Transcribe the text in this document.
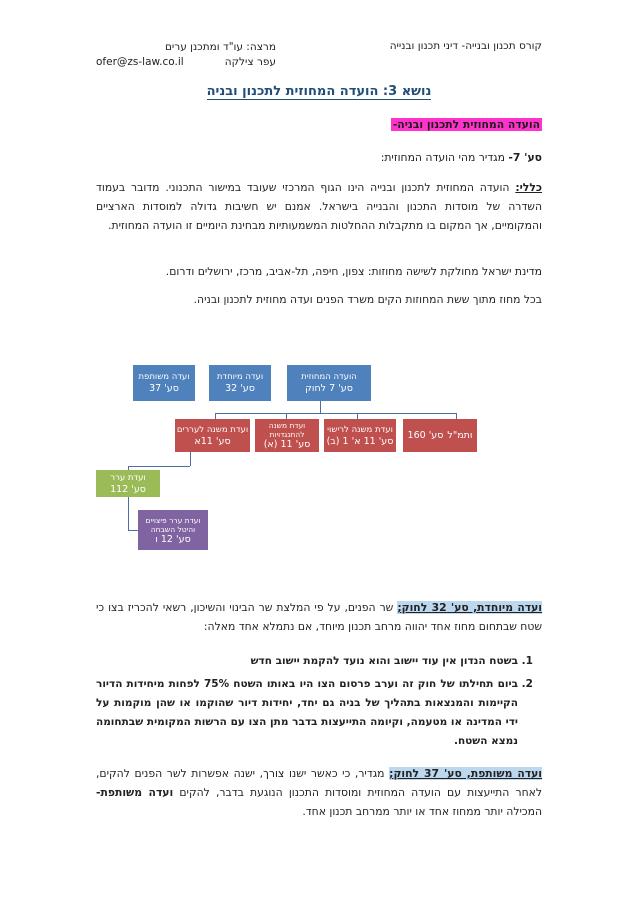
קורס תכנון ובנייה- דיני תכנון ובנייה
מרצה: עו"ד ומתכנן ערים
ofer@zs-law.co.il	עפר צילקה
נושא 3: הועדה המחוזית לתכנון ובניה
הועדה המחוזית לתכנון ובניה-
סע' 7- מגדיר מהי הועדה המחוזית:
כללי: הועדה המחוזית לתכנון ובנייה הינו הגוף המרכזי שעובד במישור התכנוני. מדובר בעמוד השדרה של מוסדות התכנון והבנייה בישראל. אמנם יש חשיבות גדולה למוסדות הארציים והמקומיים, אך המקום בו מתקבלות ההחלטות המשמעותיות מבחינת היומיים זו הועדה המחוזית.
מדינת ישראל מחולקת לשישה מחוזות: צפון, חיפה, תל-אביב, מרכז, ירושלים ודרום.
בכל מחוז מתוך ששת המחוזות הקים משרד הפנים ועדה מחוזית לתכנון ובניה.
ועדה משותפת
סע' 37
ועדה מיוחדת
סע' 32
הועדה המחוזית
סע' 7 לחוק
ועדת משנה לעררים
סע' 11א
ועדת משנה להתנגדויות
סע' 11 (א)
ועדת משנה לרישוי
סע' 11 א' 1 (ב)	ותמ"ל
סע' 160
ועדת ערר
סע' 112
ועדת ערר פיצויים והיטל השבחה
סע' 12 ו
ועדה מיוחדת, סע' 32 לחוק; שר הפנים, על פי המלצת שר הבינוי והשיכון, רשאי להכריז בצו כי שטח שבתחום מחוז אחד יהווה מרחב תכנון מיוחד, אם נתמלא אחד מאלה:
1. בשטח הנדון אין עוד יישוב והוא נועד להקמת יישוב חדש
2. ביום תחילתו של חוק זה וערב פרסום הצו היו באותו השטח 75% לפחות מיחידות הדיור הקיימות והמנצאות בתהליך של בניה גם יחד, יחידות דיור שהוקמו או שהן מוקמות על ידי המדינה או מטעמה, וקיומה התייעצות בדבר מתן הצו עם הרשות המקומית שבתחומה נמצא השטח.
ועדה משותפת, סע' 37 לחוק; מגדיר, כי כאשר ישנו צורך, ישנה אפשרות לשר הפנים להקים, לאחר התייעצות עם הועדה המחוזית ומוסדות התכנון הנוגעת בדבר, להקים ועדה משותפת- המכילה יותר ממחוז אחד או יותר ממרחב תכנון אחד.
